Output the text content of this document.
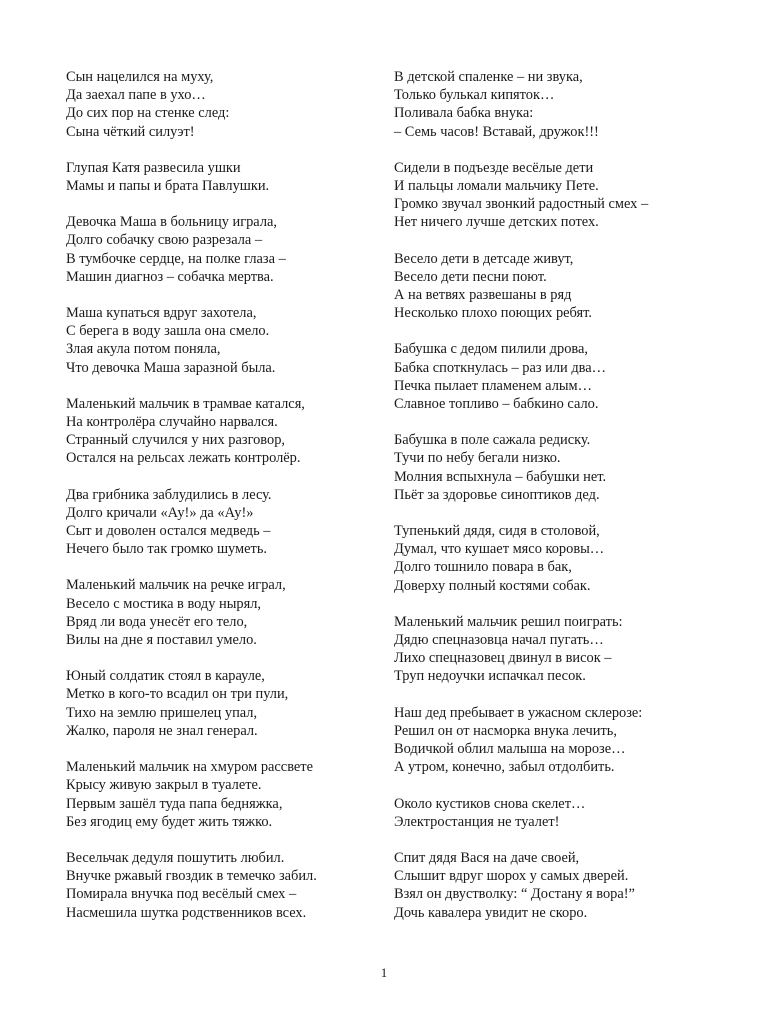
Сын нацелился на муху,
Да заехал папе в ухо…
До сих пор на стенке след:
Сына чёткий силуэт!
Глупая Катя развесила ушки
Мамы и папы и брата Павлушки.
Девочка Маша в больницу играла,
Долго собачку свою разрезала –
В тумбочке сердце, на полке глаза –
Машин диагноз – собачка мертва.
Маша купаться вдруг захотела,
С берега в воду зашла она смело.
Злая акула потом поняла,
Что девочка Маша заразной была.
Маленький мальчик в трамвае катался,
На контролёра случайно нарвался.
Странный случился у них разговор,
Остался на рельсах лежать контролёр.
Два грибника заблудились в лесу.
Долго кричали «Ау!» да «Ау!»
Сыт и доволен остался медведь –
Нечего было так громко шуметь.
Маленький мальчик на речке играл,
Весело с мостика в воду нырял,
Вряд ли вода унесёт его тело,
Вилы на дне я поставил умело.
Юный солдатик стоял в карауле,
Метко в кого-то всадил он три пули,
Тихо на землю пришелец упал,
Жалко, пароля не знал генерал.
Маленький мальчик на хмуром рассвете
Крысу живую закрыл в туалете.
Первым зашёл туда папа бедняжка,
Без ягодиц ему будет жить тяжко.
Весельчак дедуля пошутить любил.
Внучке ржавый гвоздик в темечко забил.
Помирала внучка под весёлый смех –
Насмешила шутка родственников всех.
В детской спаленке – ни звука,
Только булькал кипяток…
Поливала бабка внука:
– Семь часов! Вставай, дружок!!!
Сидели в подъезде весёлые дети
И пальцы ломали мальчику Пете.
Громко звучал звонкий радостный смех –
Нет ничего лучше детских потех.
Весело дети в детсаде живут,
Весело дети песни поют.
А на ветвях развешаны в ряд
Несколько плохо поющих ребят.
Бабушка с дедом пилили дрова,
Бабка споткнулась – раз или два…
Печка пылает пламенем алым…
Славное топливо – бабкино сало.
Бабушка в поле сажала редиску.
Тучи по небу бегали низко.
Молния вспыхнула – бабушки нет.
Пьёт за здоровье синоптиков дед.
Тупенький дядя, сидя в столовой,
Думал, что кушает мясо коровы…
Долго тошнило повара в бак,
Доверху полный костями собак.
Маленький мальчик решил поиграть:
Дядю спецназовца начал пугать…
Лихо спецназовец двинул в висок –
Труп недоучки испачкал песок.
Наш дед пребывает в ужасном склерозе:
Решил он от насморка внука лечить,
Водичкой облил малыша на морозе…
А утром, конечно, забыл отдолбить.
Около кустиков снова скелет…
Электростанция не туалет!
Спит дядя Вася на даче своей,
Слышит вдруг шорох у самых дверей.
Взял он двустволку: “ Достану я вора!”
Дочь кавалера увидит не скоро.
1
